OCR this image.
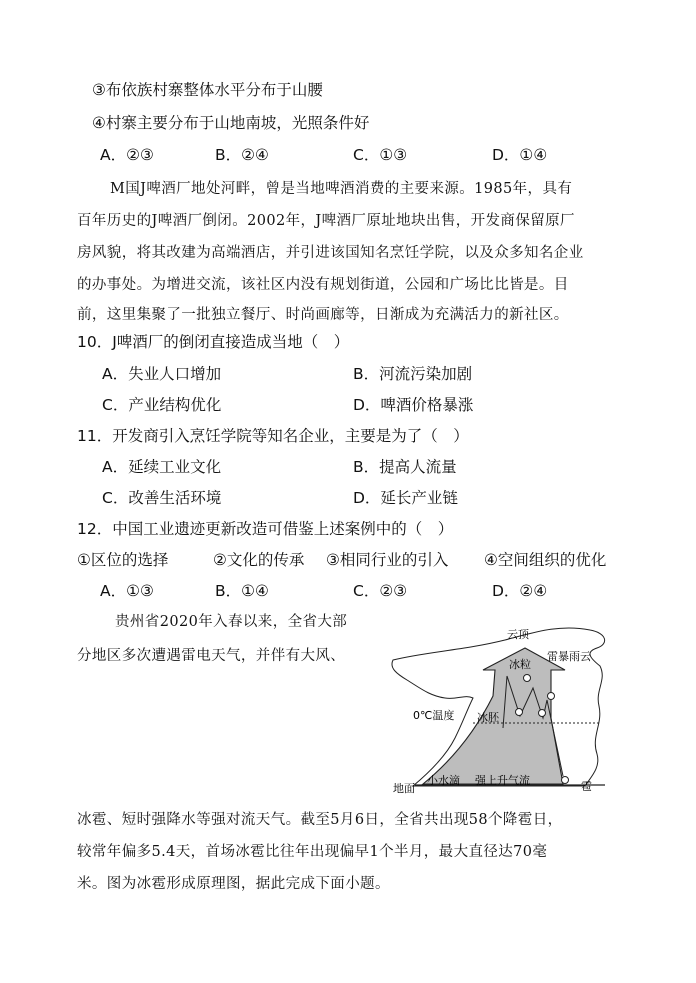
③布依族村寨整体水平分布于山腰
④村寨主要分布于山地南坡，光照条件好
A．②③	B．②④	C．①③	D．①④
M国J啤酒厂地处河畔，曾是当地啤酒消费的主要来源。1985年，具有
百年历史的J啤酒厂倒闭。2002年，J啤酒厂原址地块出售，开发商保留原厂
房风貌，将其改建为高端酒店，并引进该国知名烹饪学院，以及众多知名企业
的办事处。为增进交流，该社区内没有规划街道，公园和广场比比皆是。目
前，这里集聚了一批独立餐厅、时尚画廊等，日渐成为充满活力的新社区。
10．J啤酒厂的倒闭直接造成当地（　）
A．失业人口增加	B．河流污染加剧
C．产业结构优化	D．啤酒价格暴涨
11．开发商引入烹饪学院等知名企业，主要是为了（　）
A．延续工业文化	B．提高人流量
C．改善生活环境	D．延长产业链
12．中国工业遗迹更新改造可借鉴上述案例中的（　）
①区位的选择	②文化的传承 ③相同行业的引入 ④空间组织的优化
A．①③	B．①④	C．②③	D．②④
贵州省2020年入春以来，全省大部
分地区多次遭遇雷电天气，并伴有大风、
冰雹、短时强降水等强对流天气。截至5月6日，全省共出现58个降雹日，
较常年偏多5.4天，首场冰雹比往年出现偏早1个半月，最大直径达70毫
米。图为冰雹形成原理图，据此完成下面小题。
云顶
雷暴雨云
冰粒
0℃温度 冰胚
地面
小水滴 强上升气流	雹
